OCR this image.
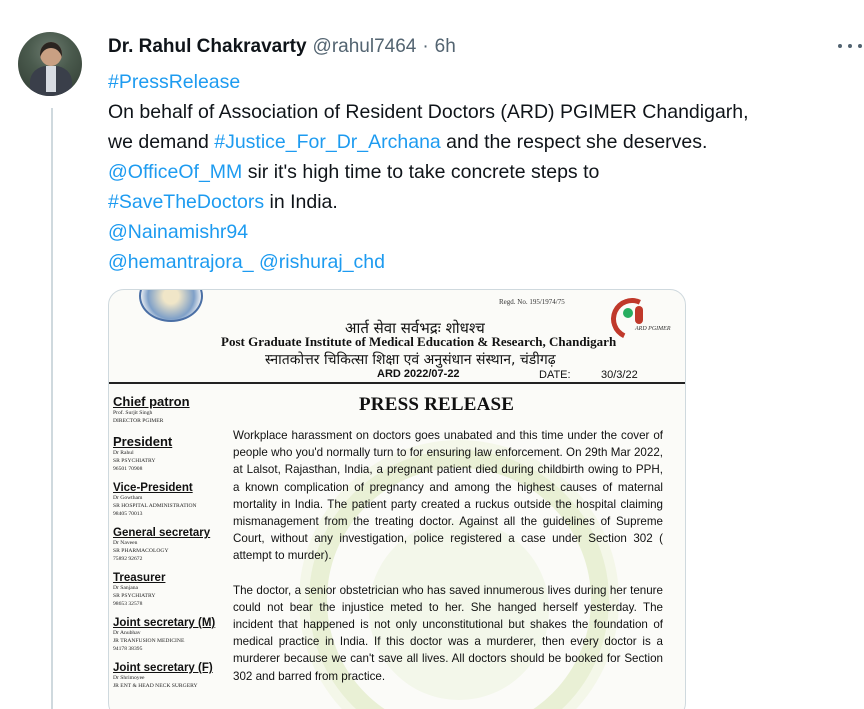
Dr. Rahul Chakravarty @rahul7464 · 6h
#PressRelease
On behalf of Association of Resident Doctors (ARD) PGIMER Chandigarh,
we demand #Justice_For_Dr_Archana and the respect she deserves.
@OfficeOf_MM sir it's high time to take concrete steps to
#SaveTheDoctors in India.
@Nainamishr94
@hemantrajora_ @rishuraj_chd
ARD PGIMER
Regd. No. 195/1974/75
आर्त सेवा सर्वभद्रः शोधश्च
Post Graduate Institute of Medical Education & Research, Chandigarh
स्नातकोत्तर चिकित्सा शिक्षा एवं अनुसंधान संस्थान, चंडीगढ़
ARD 2022/07-22	DATE:	30/3/22
Chief patron
Prof. Surjit Singh
DIRECTOR PGIMER
President
Dr Rahul
SR PSYCHIATRY
96501 70908
Vice-President
Dr Gowtham
SR HOSPITAL ADMINISTRATION
98405 70013
General secretary
Dr Naveen
SR PHARMACOLOGY
75892 92672
Treasurer
Dr Sanjana
SR PSYCHIATRY
98653 32578
Joint secretary (M)
Dr Anubhav
JR TRANFUSION MEDICINE
94178 38395
Joint secretary (F)
Dr Shrimoyee
JR ENT & HEAD NECK SURGERY
PRESS RELEASE

Workplace harassment on doctors goes unabated and this time under the cover of people who you'd normally turn to for ensuring law enforcement. On 29th Mar 2022, at Lalsot, Rajasthan, India, a pregnant patient died during childbirth owing to PPH, a known complication of pregnancy and among the highest causes of maternal mortality in India. The patient party created a ruckus outside the hospital claiming mismanagement from the treating doctor. Against all the guidelines of Supreme Court, without any investigation, police registered a case under Section 302 ( attempt to murder).

The doctor, a senior obstetrician who has saved innumerous lives during her tenure could not bear the injustice meted to her. She hanged herself yesterday. The incident that happened is not only unconstitutional but shakes the foundation of medical practice in India. If this doctor was a murderer, then every doctor is a murderer because we can't save all lives. All doctors should be booked for Section 302 and barred from practice.
